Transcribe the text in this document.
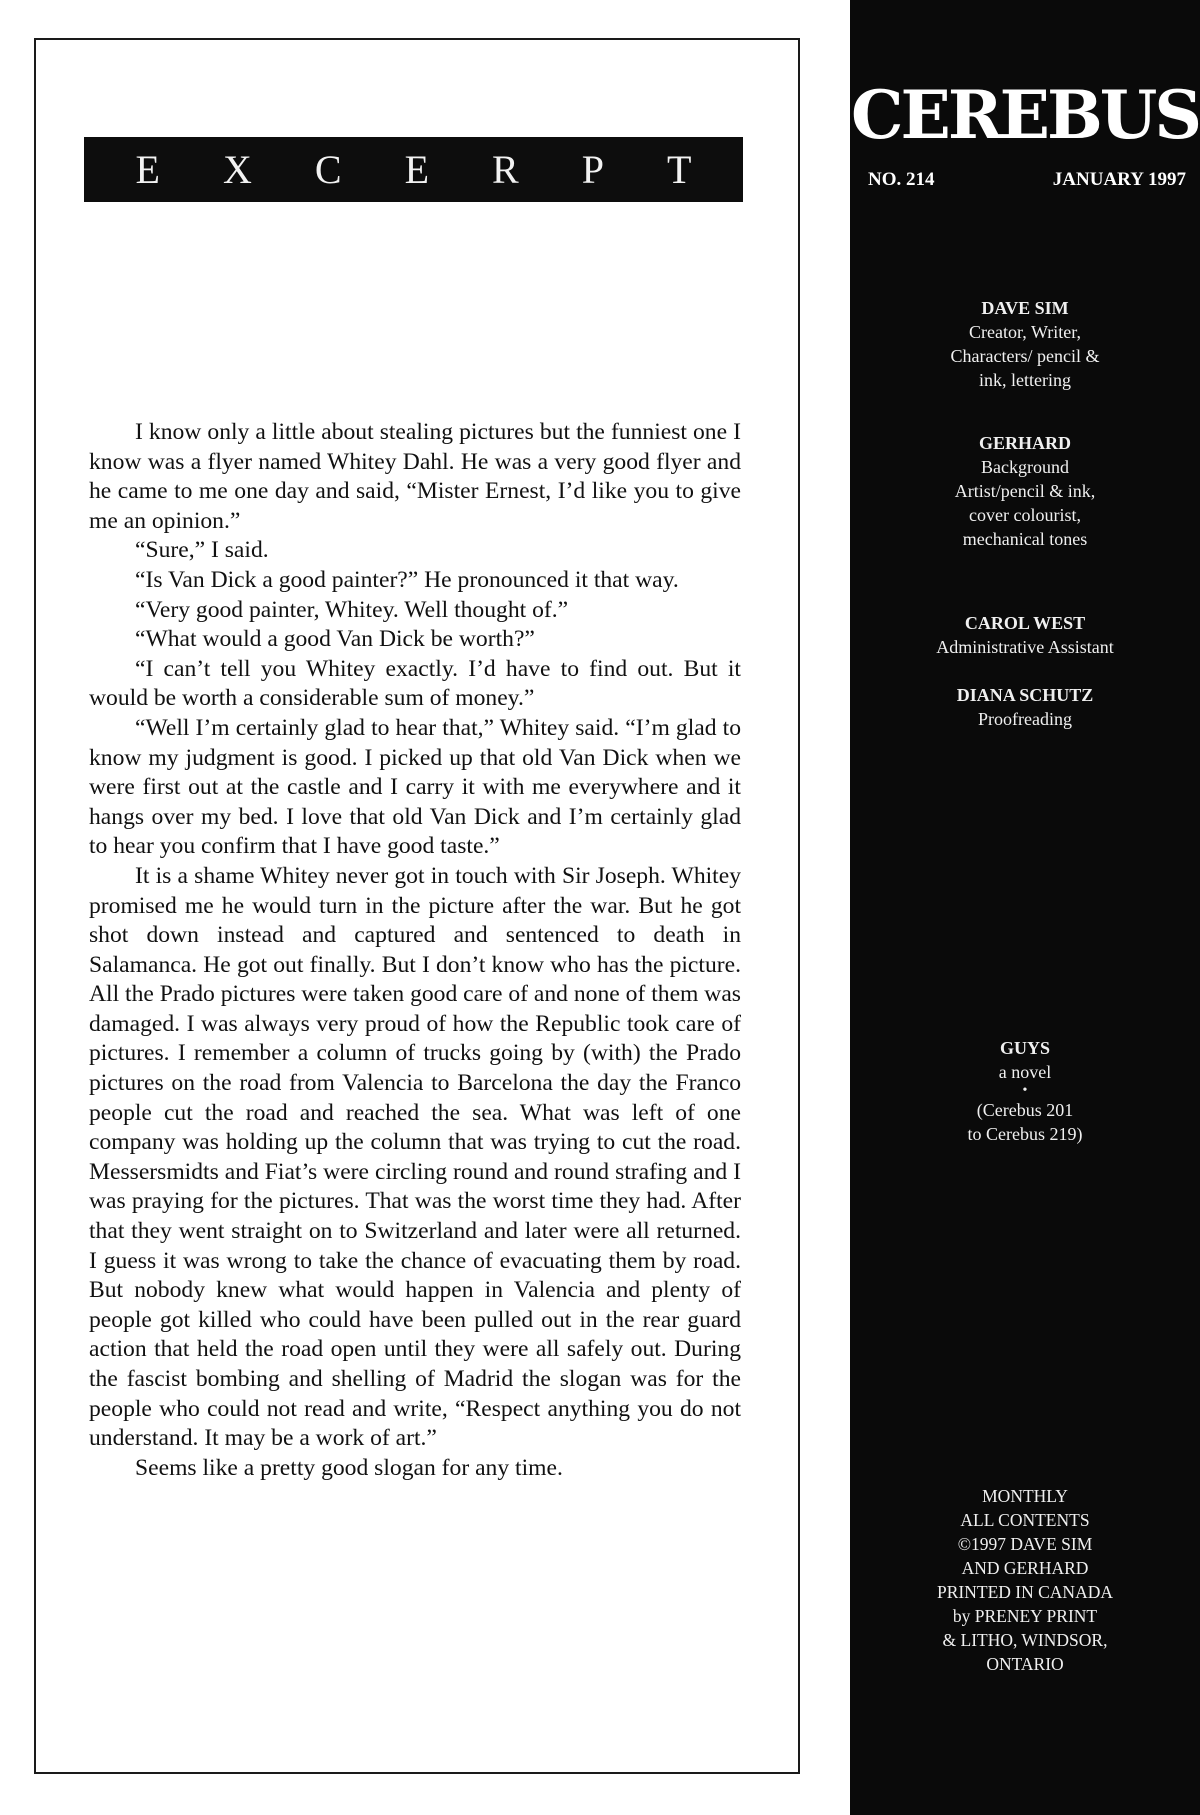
E X C E R P T

I know only a little about stealing pictures but the funniest one I know was a flyer named Whitey Dahl. He was a very good flyer and he came to me one day and said, “Mister Ernest, I’d like you to give me an opinion.”

“Sure,” I said.

“Is Van Dick a good painter?” He pronounced it that way.

“Very good painter, Whitey. Well thought of.”

“What would a good Van Dick be worth?”

“I can’t tell you Whitey exactly. I’d have to find out. But it would be worth a considerable sum of money.”

“Well I’m certainly glad to hear that,” Whitey said. “I’m glad to know my judgment is good. I picked up that old Van Dick when we were first out at the castle and I carry it with me everywhere and it hangs over my bed. I love that old Van Dick and I’m certainly glad to hear you confirm that I have good taste.”

It is a shame Whitey never got in touch with Sir Joseph. Whitey promised me he would turn in the picture after the war. But he got shot down instead and captured and sentenced to death in Salamanca. He got out finally. But I don’t know who has the picture. All the Prado pictures were taken good care of and none of them was damaged. I was always very proud of how the Republic took care of pictures. I remember a column of trucks going by (with) the Prado pictures on the road from Valencia to Barcelona the day the Franco people cut the road and reached the sea. What was left of one company was holding up the column that was trying to cut the road. Messersmidts and Fiat’s were circling round and round strafing and I was praying for the pictures. That was the worst time they had. After that they went straight on to Switzerland and later were all returned. I guess it was wrong to take the chance of evacuating them by road. But nobody knew what would happen in Valencia and plenty of people got killed who could have been pulled out in the rear guard action that held the road open until they were all safely out. During the fascist bombing and shelling of Madrid the slogan was for the people who could not read and write, “Respect anything you do not understand. It may be a work of art.”

Seems like a pretty good slogan for any time.

CEREBUS
NO. 214	JANUARY 1997
DAVE SIM
Creator, Writer, Characters/ pencil & ink, lettering
GERHARD
Background Artist/pencil & ink, cover colourist, mechanical tones
CAROL WEST
Administrative Assistant
DIANA SCHUTZ
Proofreading
GUYS
a novel
•
(Cerebus 201
to Cerebus 219)
MONTHLY
ALL CONTENTS
©1997 DAVE SIM
AND GERHARD
PRINTED IN CANADA
by PRENEY PRINT
& LITHO, WINDSOR,
ONTARIO
